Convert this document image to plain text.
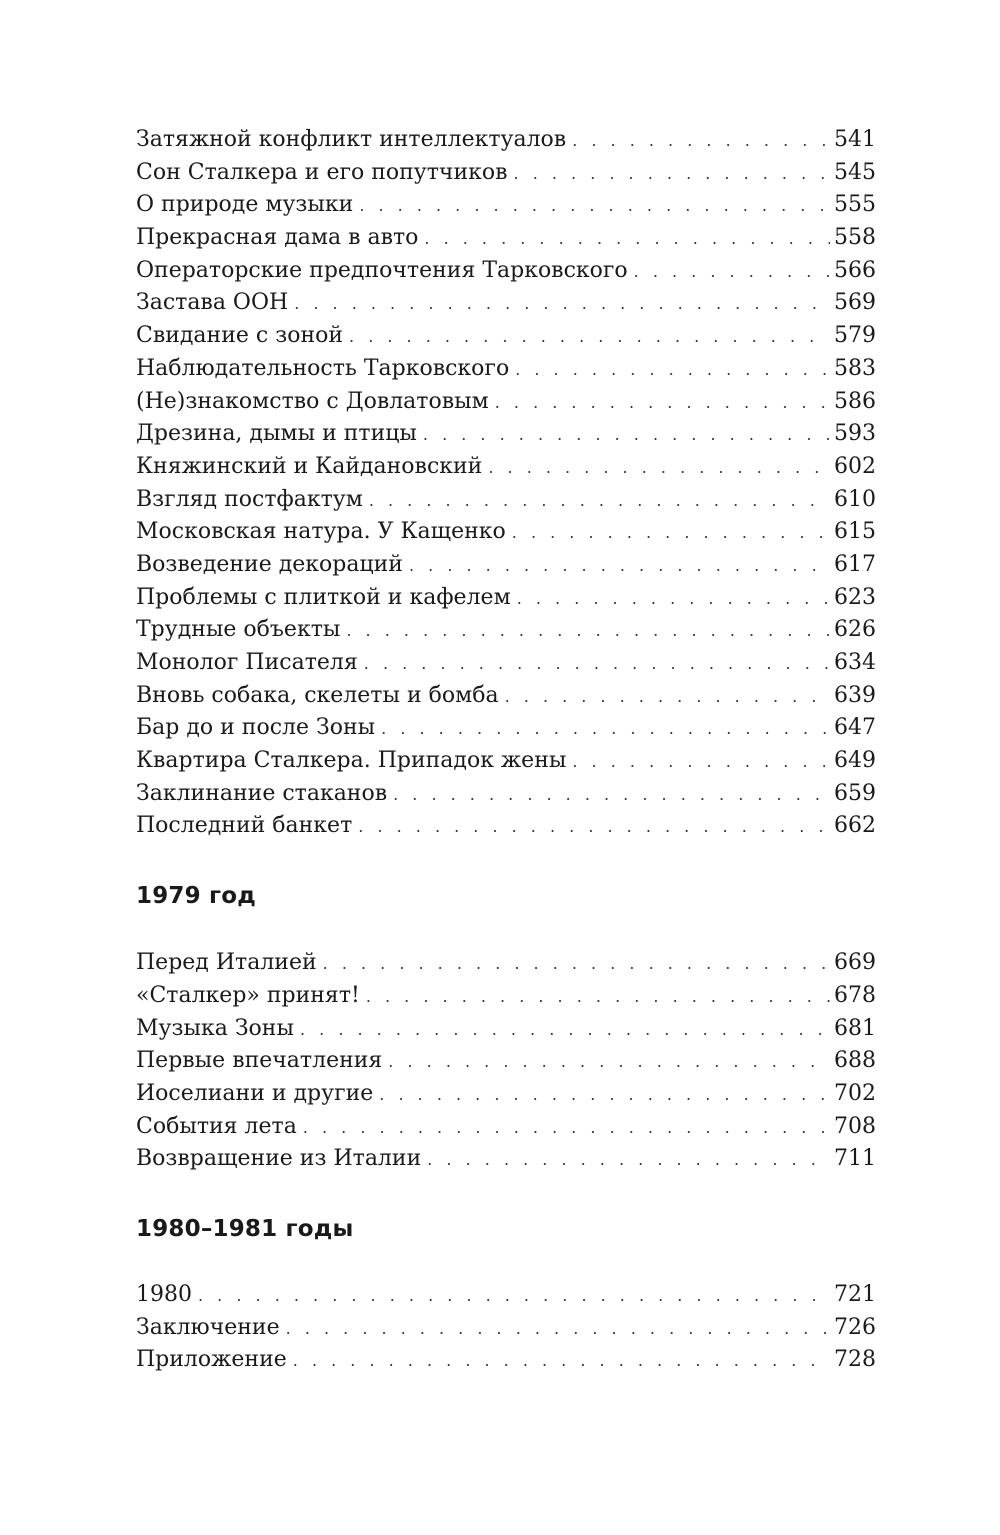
Затяжной конфликт интеллектуалов . . .	541
Сон Сталкера и его попутчиков . . .	545
О природе музыки . . .	555
Прекрасная дама в авто . . .	558
Операторские предпочтения Тарковского . . .	566
Застава ООН . . .	569
Свидание с зоной . . .	579
Наблюдательность Тарковского . . .	583
(Не)знакомство с Довлатовым . . .	586
Дрезина, дымы и птицы . . .	593
Княжинский и Кайдановский . . .	602
Взгляд постфактум . . .	610
Московская натура. У Кащенко . . .	615
Возведение декораций . . .	617
Проблемы с плиткой и кафелем . . .	623
Трудные объекты . . .	626
Монолог Писателя . . .	634
Вновь собака, скелеты и бомба . . .	639
Бар до и после Зоны . . .	647
Квартира Сталкера. Припадок жены . . .	649
Заклинание стаканов . . .	659
Последний банкет . . .	662
1979 год
Перед Италией . . .	669
«Сталкер» принят! . . .	678
Музыка Зоны . . .	681
Первые впечатления . . .	688
Иоселиани и другие . . .	702
События лета . . .	708
Возвращение из Италии . . .	711
1980–1981 годы
1980 . . .	721
Заключение . . .	726
Приложение . . .	728
